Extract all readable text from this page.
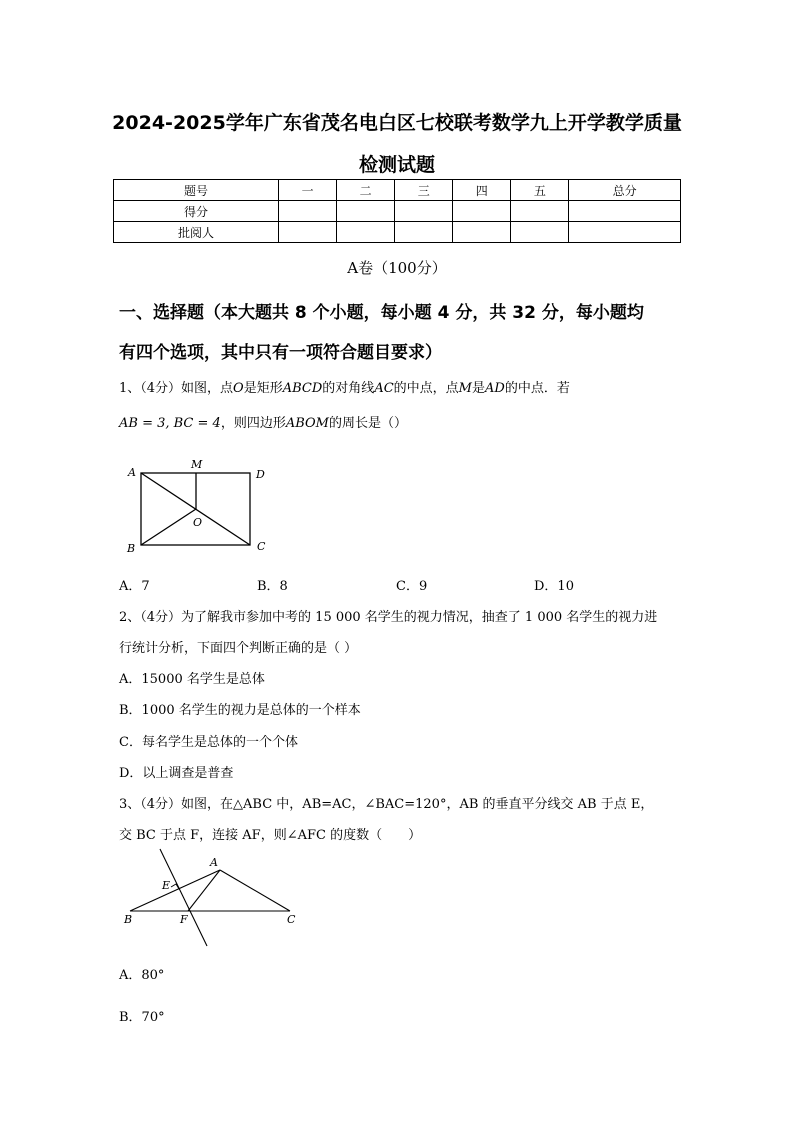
2024-2025学年广东省茂名电白区七校联考数学九上开学教学质量
检测试题
题号	一	二	三	四	五	总分
得分						
批阅人						
A卷（100分）
一、选择题（本大题共 8 个小题，每小题 4 分，共 32 分，每小题均
有四个选项，其中只有一项符合题目要求）
1、（4分）如图，点O是矩形ABCD的对角线AC的中点，点M是AD的中点．若
AB = 3, BC = 4，则四边形ABOM的周长是（）
A
M
D
O
B	C
A
E
B	F	C
A．7	B．8	C．9	D．10
2、（4分）为了解我市参加中考的 15 000 名学生的视力情况，抽查了 1 000 名学生的视力进
行统计分析，下面四个判断正确的是（ ）
A．15000 名学生是总体
B．1000 名学生的视力是总体的一个样本
C．每名学生是总体的一个个体
D．以上调查是普查
3、（4分）如图，在△ABC 中，AB=AC，∠BAC=120°，AB 的垂直平分线交 AB 于点 E，
交 BC 于点 F，连接 AF，则∠AFC 的度数（　　）
A．80°
B．70°
